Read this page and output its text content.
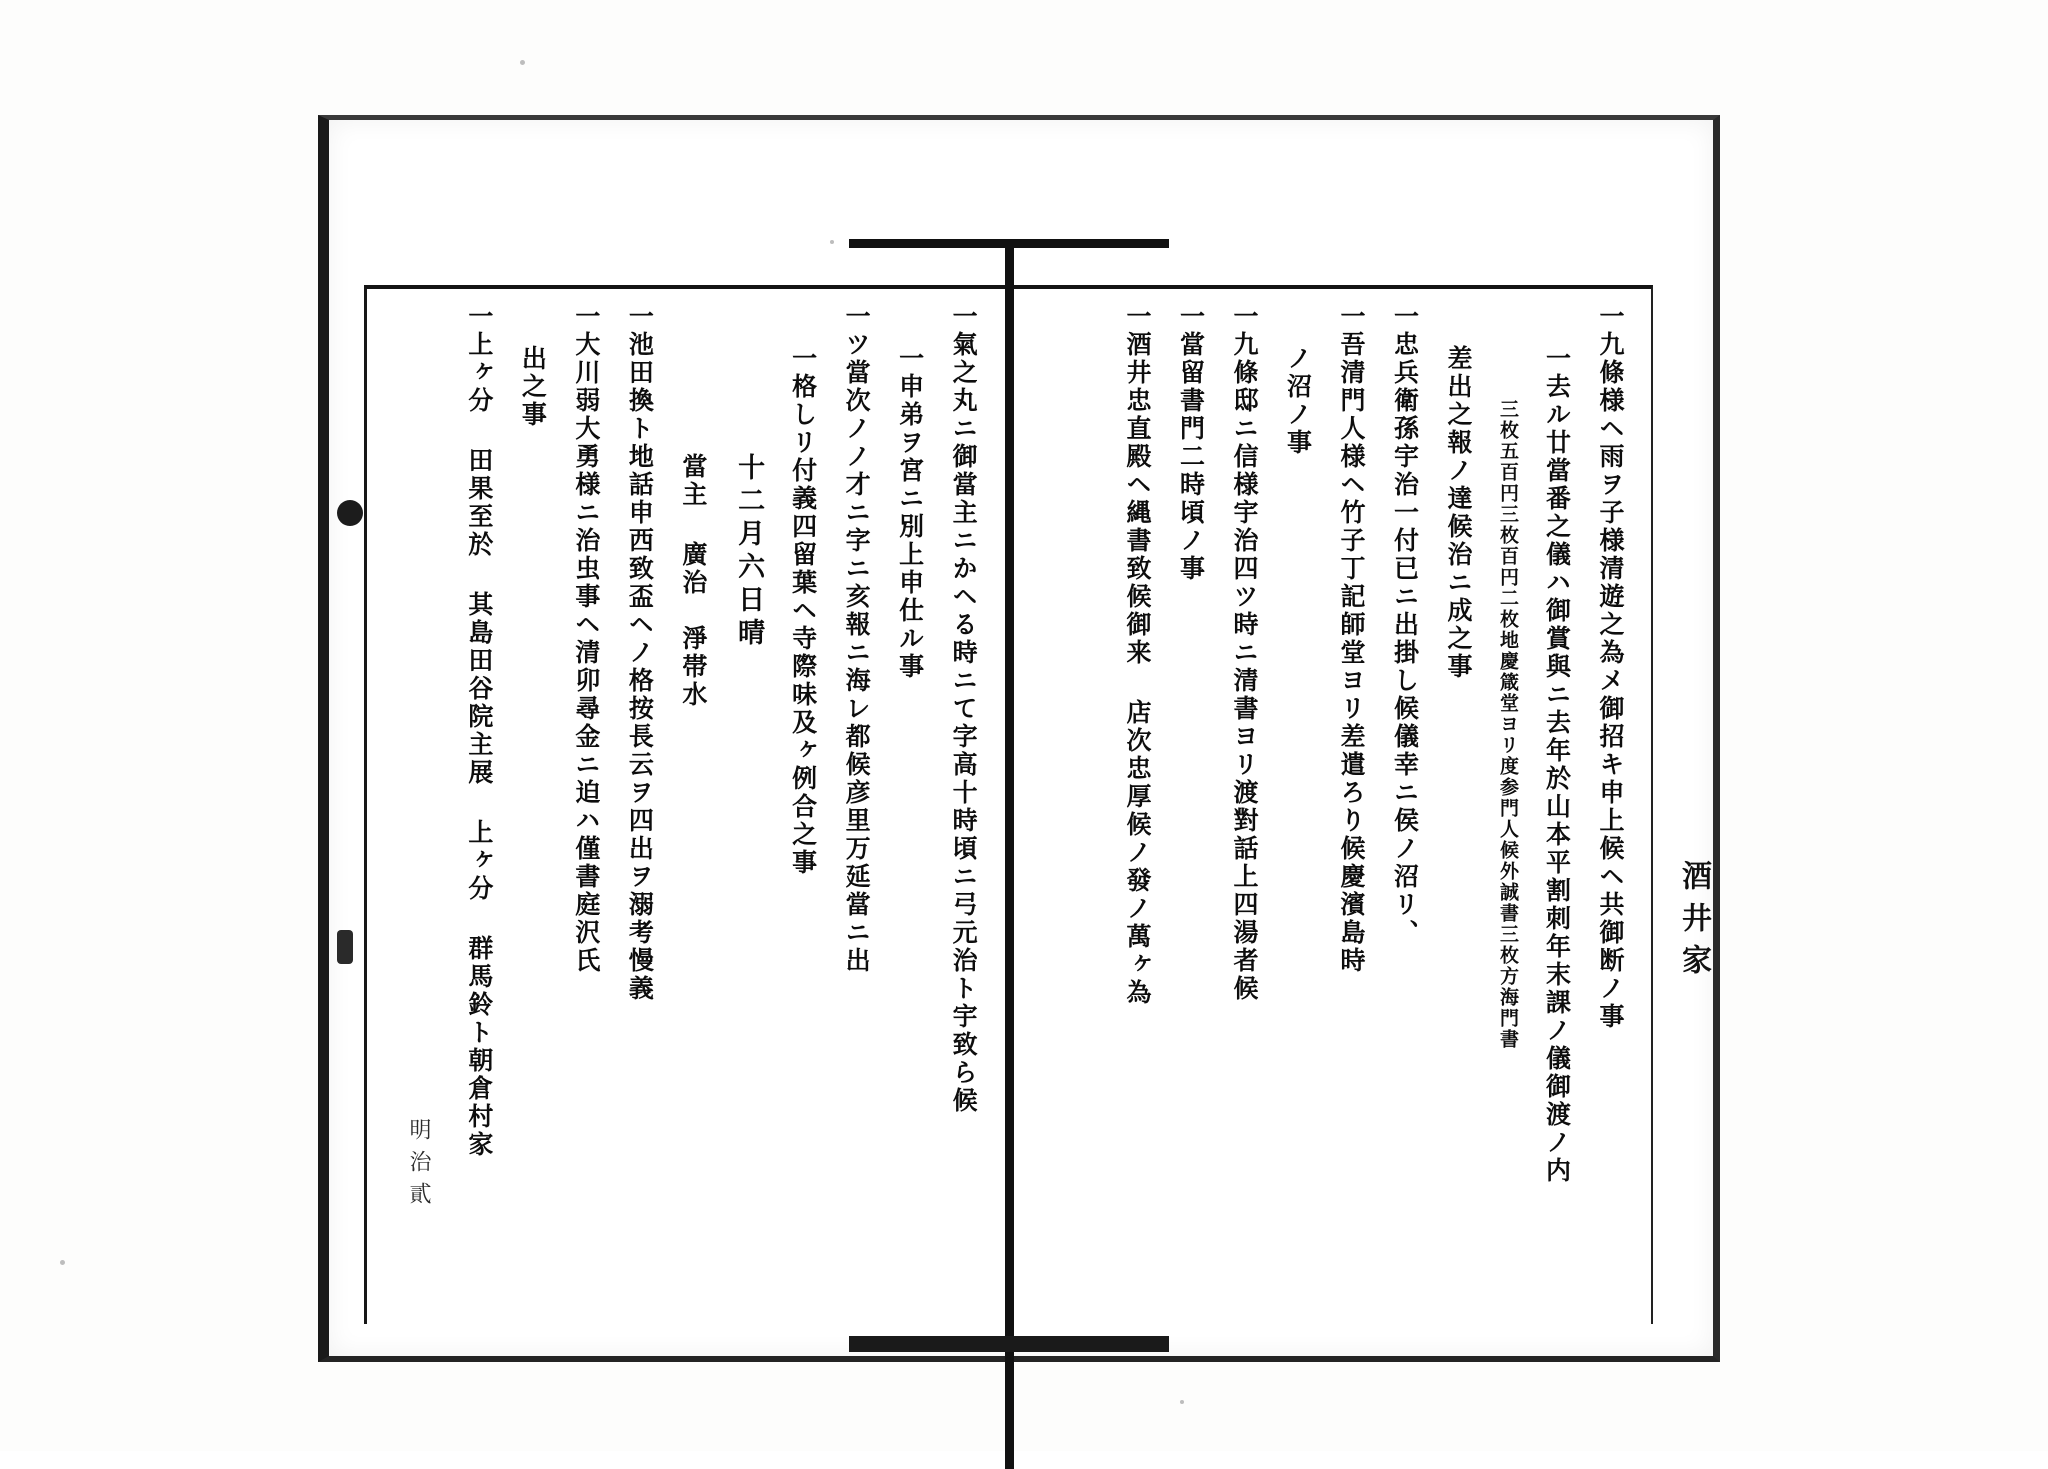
一九條様ヘ雨ヲ子様清遊之為メ御招キ申上候ヘ共御断ノ事
一去ル廿當番之儀ハ御賞與ニ去年於山本平割刺年末課ノ儀御渡ノ内
三枚五百円三枚百円二枚地慶箴堂ヨリ度参門人候外誠書三枚方海門書
差出之報ノ達候治ニ成之事
一忠兵衛孫宇治一付已ニ出掛し候儀幸ニ侯ノ沼リ、
一吾清門人様ヘ竹子丁記師堂ヨリ差遣ろり候慶濱島時
ノ沼ノ事
一九條邸ニ信様宇治四ツ時ニ清書ヨリ渡對話上四湯者候
一當留書門二時頃ノ事
一酒井忠直殿ヘ縄書致候御来 店次忠厚候ノ發ノ萬ヶ為
一氣之丸ニ御當主ニかヘる時ニて字高十時頃ニ弓元治ト宇致ら候
一申弟ヲ宮ニ別上申仕ル事
一ツ當次ノノ才ニ字ニ亥報ニ海レ都候彦里万延當ニ出
一格しリ付義四留葉ヘ寺際味及ヶ例合之事
十二月六日晴
當主 廣治　淨帯水
一池田換ト地話申西致盃ヘノ格按長云ヲ四出ヲ溺考慢義
一大川弱大勇様ニ治虫事ヘ清卯尋金ニ迫ハ僅書庭沢氏
出之事
一上ヶ分 田果至於 其島田谷院主展 上ヶ分 群馬鈴ト朝倉村家
明治貳
酒井家
